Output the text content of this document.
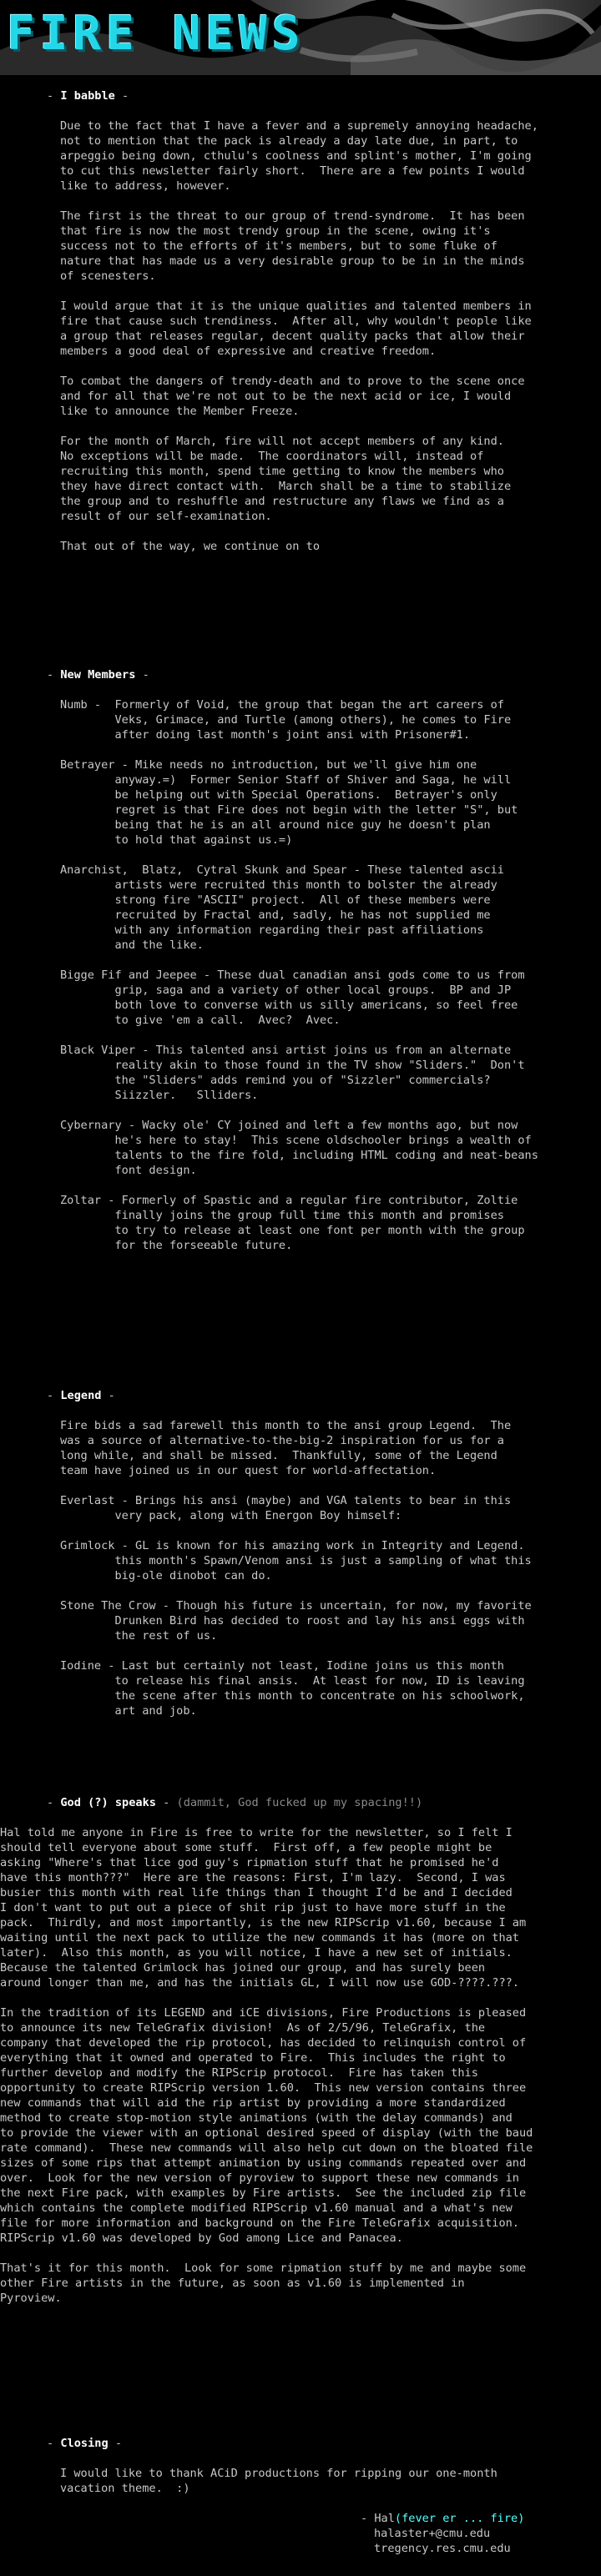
FIRE NEWS
- I babble -
Due to the fact that I have a fever and a supremely annoying headache,
not to mention that the pack is already a day late due, in part, to
arpeggio being down, cthulu's coolness and splint's mother, I'm going
to cut this newsletter fairly short.  There are a few points I would
like to address, however.

The first is the threat to our group of trend-syndrome.  It has been
that fire is now the most trendy group in the scene, owing it's
success not to the efforts of it's members, but to some fluke of
nature that has made us a very desirable group to be in in the minds
of scenesters.

I would argue that it is the unique qualities and talented members in
fire that cause such trendiness.  After all, why wouldn't people like
a group that releases regular, decent quality packs that allow their
members a good deal of expressive and creative freedom.

To combat the dangers of trendy-death and to prove to the scene once
and for all that we're not out to be the next acid or ice, I would
like to announce the Member Freeze.

For the month of March, fire will not accept members of any kind.
No exceptions will be made.  The coordinators will, instead of
recruiting this month, spend time getting to know the members who
they have direct contact with.  March shall be a time to stabilize
the group and to reshuffle and restructure any flaws we find as a
result of our self-examination.

That out of the way, we continue on to
- New Members -
Numb -  Formerly of Void, the group that began the art careers of
Veks, Grimace, and Turtle (among others), he comes to Fire
after doing last month's joint ansi with Prisoner#1.

Betrayer - Mike needs no introduction, but we'll give him one
anyway.=)  Former Senior Staff of Shiver and Saga, he will
be helping out with Special Operations.  Betrayer's only
regret is that Fire does not begin with the letter "S", but
being that he is an all around nice guy he doesn't plan
to hold that against us.=)

Anarchist,  Blatz,  Cytral Skunk and Spear - These talented ascii
artists were recruited this month to bolster the already
strong fire "ASCII" project.  All of these members were
recruited by Fractal and, sadly, he has not supplied me
with any information regarding their past affiliations
and the like.

Bigge Fif and Jeepee - These dual canadian ansi gods come to us from
grip, saga and a variety of other local groups.  BP and JP
both love to converse with us silly americans, so feel free
to give 'em a call.  Avec?  Avec.

Black Viper - This talented ansi artist joins us from an alternate
reality akin to those found in the TV show "Sliders."  Don't
the "Sliders" adds remind you of "Sizzler" commercials?
Siizzler.   Slliders.

Cybernary - Wacky ole' CY joined and left a few months ago, but now
he's here to stay!  This scene oldschooler brings a wealth of
talents to the fire fold, including HTML coding and neat-beans
font design.

Zoltar - Formerly of Spastic and a regular fire contributor, Zoltie
finally joins the group full time this month and promises
to try to release at least one font per month with the group
for the forseeable future.
- Legend -
Fire bids a sad farewell this month to the ansi group Legend.  The
was a source of alternative-to-the-big-2 inspiration for us for a
long while, and shall be missed.  Thankfully, some of the Legend
team have joined us in our quest for world-affectation.

Everlast - Brings his ansi (maybe) and VGA talents to bear in this
very pack, along with Energon Boy himself:

Grimlock - GL is known for his amazing work in Integrity and Legend.
this month's Spawn/Venom ansi is just a sampling of what this
big-ole dinobot can do.

Stone The Crow - Though his future is uncertain, for now, my favorite
Drunken Bird has decided to roost and lay his ansi eggs with
the rest of us.

Iodine - Last but certainly not least, Iodine joins us this month
to release his final ansis.  At least for now, ID is leaving
the scene after this month to concentrate on his schoolwork,
art and job.
- God (?) speaks - (dammit, God fucked up my spacing!!)
Hal told me anyone in Fire is free to write for the newsletter, so I felt I
should tell everyone about some stuff.  First off, a few people might be
asking "Where's that lice god guy's ripmation stuff that he promised he'd
have this month???"  Here are the reasons: First, I'm lazy.  Second, I was
busier this month with real life things than I thought I'd be and I decided
I don't want to put out a piece of shit rip just to have more stuff in the
pack.  Thirdly, and most importantly, is the new RIPScrip v1.60, because I am
waiting until the next pack to utilize the new commands it has (more on that
later).  Also this month, as you will notice, I have a new set of initials.
Because the talented Grimlock has joined our group, and has surely been
around longer than me, and has the initials GL, I will now use GOD-????.???.

In the tradition of its LEGEND and iCE divisions, Fire Productions is pleased
to announce its new TeleGrafix division!  As of 2/5/96, TeleGrafix, the
company that developed the rip protocol, has decided to relinquish control of
everything that it owned and operated to Fire.  This includes the right to
further develop and modify the RIPScrip protocol.  Fire has taken this
opportunity to create RIPScrip version 1.60.  This new version contains three
new commands that will aid the rip artist by providing a more standardized
method to create stop-motion style animations (with the delay commands) and
to provide the viewer with an optional desired speed of display (with the baud
rate command).  These new commands will also help cut down on the bloated file
sizes of some rips that attempt animation by using commands repeated over and
over.  Look for the new version of pyroview to support these new commands in
the next Fire pack, with examples by Fire artists.  See the included zip file
which contains the complete modified RIPScrip v1.60 manual and a what's new
file for more information and background on the Fire TeleGrafix acquisition.
RIPScrip v1.60 was developed by God among Lice and Panacea.

That's it for this month.  Look for some ripmation stuff by me and maybe some
other Fire artists in the future, as soon as v1.60 is implemented in
Pyroview.
- Closing -
I would like to thank ACiD productions for ripping our one-month
vacation theme.  :)
- Hal(fever er ... fire)
halaster+@cmu.edu
tregency.res.cmu.edu
